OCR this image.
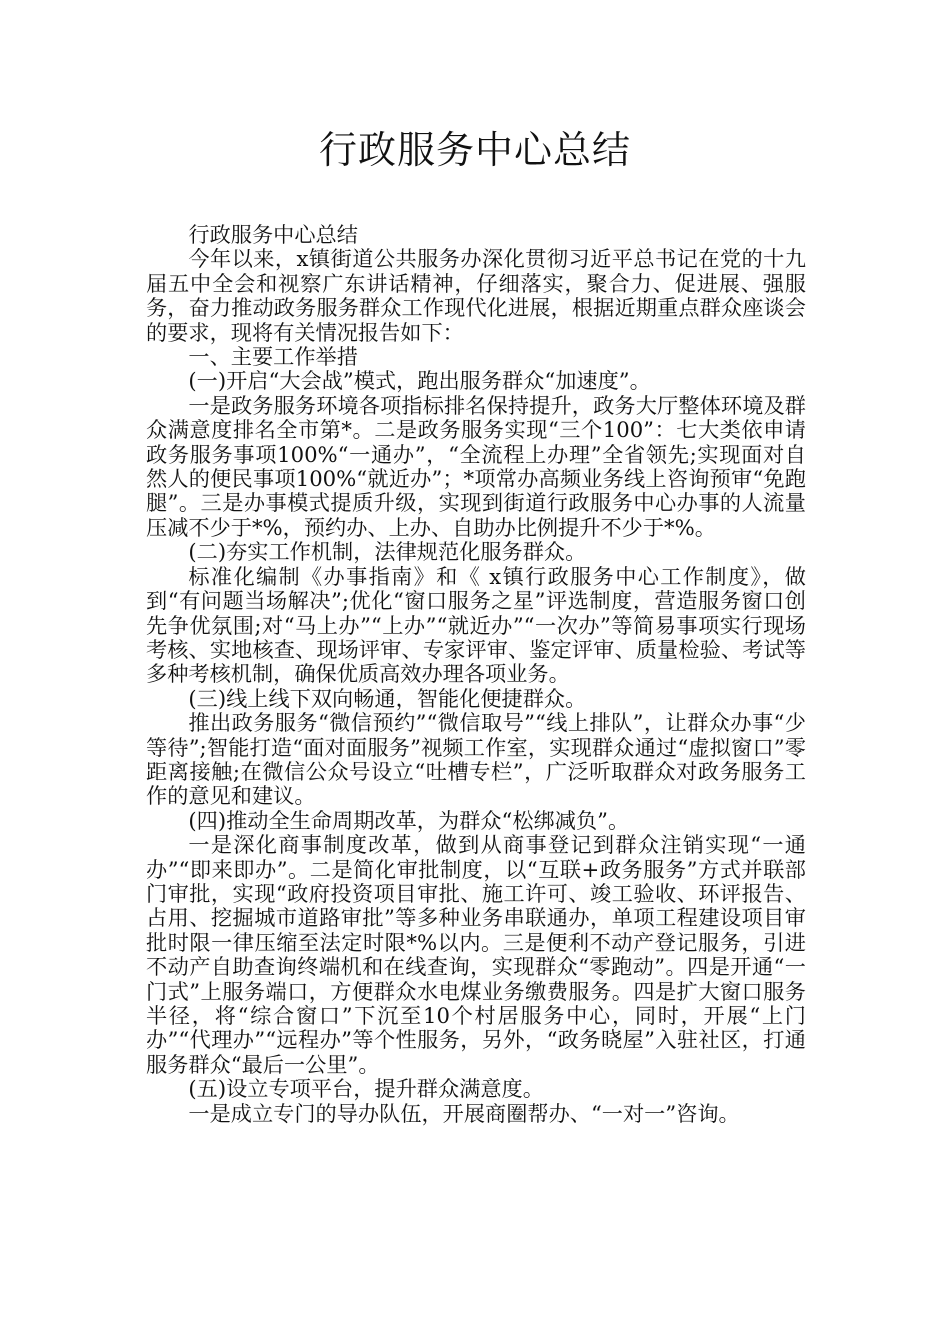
行政服务中心总结

行政服务中心总结

今年以来，x镇街道公共服务办深化贯彻习近平总书记在党的十九届五中全会和视察广东讲话精神，仔细落实，聚合力、促进展、强服务，奋力推动政务服务群众工作现代化进展，根据近期重点群众座谈会的要求，现将有关情况报告如下：

一、主要工作举措

(一)开启“大会战”模式，跑出服务群众“加速度”。

一是政务服务环境各项指标排名保持提升，政务大厅整体环境及群众满意度排名全市第*。二是政务服务实现“三个100”：七大类依申请政务服务事项100%“一通办”，“全流程上办理”全省领先;实现面对自然人的便民事项100%“就近办”；*项常办高频业务线上咨询预审“免跑腿”。三是办事模式提质升级，实现到街道行政服务中心办事的人流量压减不少于*%，预约办、上办、自助办比例提升不少于*%。

(二)夯实工作机制，法律规范化服务群众。

标准化编制《办事指南》和《 x镇行政服务中心工作制度》，做到“有问题当场解决”;优化“窗口服务之星”评选制度，营造服务窗口创先争优氛围;对“马上办”“上办”“就近办”“一次办”等简易事项实行现场考核、实地核查、现场评审、专家评审、鉴定评审、质量检验、考试等多种考核机制，确保优质高效办理各项业务。

(三)线上线下双向畅通，智能化便捷群众。

推出政务服务“微信预约”“微信取号”“线上排队”，让群众办事“少等待”;智能打造“面对面服务”视频工作室，实现群众通过“虚拟窗口”零距离接触;在微信公众号设立“吐槽专栏”，广泛听取群众对政务服务工作的意见和建议。

(四)推动全生命周期改革，为群众“松绑减负”。

一是深化商事制度改革，做到从商事登记到群众注销实现“一通办”“即来即办”。二是简化审批制度，以“互联+政务服务”方式并联部门审批，实现“政府投资项目审批、施工许可、竣工验收、环评报告、占用、挖掘城市道路审批”等多种业务串联通办，单项工程建设项目审批时限一律压缩至法定时限*%以内。三是便利不动产登记服务，引进不动产自助查询终端机和在线查询，实现群众“零跑动”。四是开通“一门式”上服务端口，方便群众水电煤业务缴费服务。四是扩大窗口服务半径，将“综合窗口”下沉至10个村居服务中心，同时，开展“上门办”“代理办”“远程办”等个性服务，另外，“政务晓屋”入驻社区，打通服务群众“最后一公里”。

(五)设立专项平台，提升群众满意度。

一是成立专门的导办队伍，开展商圈帮办、“一对一”咨询。
